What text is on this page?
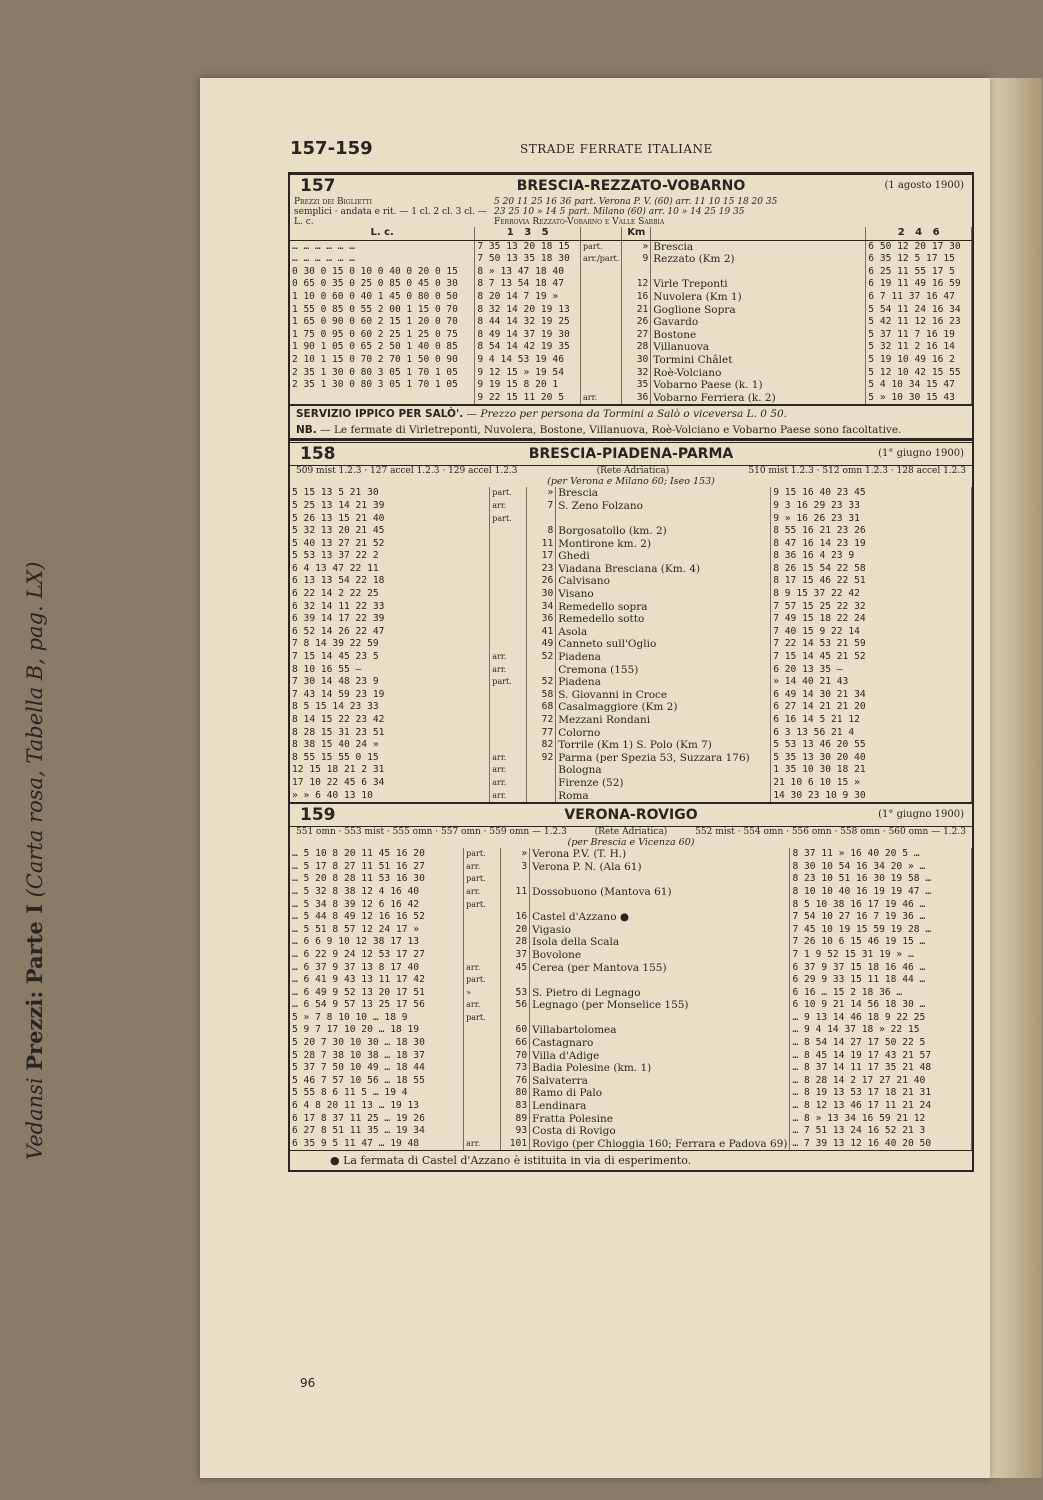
157-159	STRADE FERRATE ITALIANE
Vedansi Prezzi: Parte I (Carta rosa, Tabella B, pag. LX)
157	BRESCIA-REZZATO-VOBARNO	(1 agosto 1900)
Prezzi dei Biglietti
semplici · andata e rit. — 1 cl. 2 cl. 3 cl. — L. c.
5 20 11 25 16 36 part. Verona P. V. (60) arr. 11 10 15 18 20 35
23 25 10 » 14 5 part. Milano (60) arr. 10 » 14 25 19 35
Ferrovia Rezzato-Vobarno e Valle Sabbia
L. c.	1 3 5		Km		2 4 6
… … … … … …	7 35 13 20 18 15	part.	»	Brescia	6 50 12 20 17 30
… … … … … …	7 50 13 35 18 30	arr./part.	9	Rezzato (Km 2)	6 35 12 5 17 15
0 30 0 15 0 10 0 40 0 20 0 15	8 » 13 47 18 40				6 25 11 55 17 5
0 65 0 35 0 25 0 85 0 45 0 30	8 7 13 54 18 47		12	Virle Treponti	6 19 11 49 16 59
1 10 0 60 0 40 1 45 0 80 0 50	8 20 14 7 19 »		16	Nuvolera (Km 1)	6 7 11 37 16 47
1 55 0 85 0 55 2 00 1 15 0 70	8 32 14 20 19 13		21	Goglione Sopra	5 54 11 24 16 34
1 65 0 90 0 60 2 15 1 20 0 70	8 44 14 32 19 25		26	Gavardo	5 42 11 12 16 23
1 75 0 95 0 60 2 25 1 25 0 75	8 49 14 37 19 30		27	Bostone	5 37 11 7 16 19
1 90 1 05 0 65 2 50 1 40 0 85	8 54 14 42 19 35		28	Villanuova	5 32 11 2 16 14
2 10 1 15 0 70 2 70 1 50 0 90	9 4 14 53 19 46		30	Tormini Châlet	5 19 10 49 16 2
2 35 1 30 0 80 3 05 1 70 1 05	9 12 15 » 19 54		32	Roè-Volciano	5 12 10 42 15 55
2 35 1 30 0 80 3 05 1 70 1 05	9 19 15 8 20 1		35	Vobarno Paese (k. 1)	5 4 10 34 15 47
	9 22 15 11 20 5	arr.	36	Vobarno Ferriera (k. 2)	5 » 10 30 15 43
SERVIZIO IPPICO PER SALÒ'. — Prezzo per persona da Tormini a Salò o viceversa L. 0 50.
NB. — Le fermate di Virletreponti, Nuvolera, Bostone, Villanuova, Roè-Volciano e Vobarno Paese sono facoltative.
158	BRESCIA-PIADENA-PARMA	(1° giugno 1900)
509 mist 1.2.3 · 127 accel 1.2.3 · 129 accel 1.2.3	(Rete Adriatica)	510 mist 1.2.3 · 512 omn 1.2.3 · 128 accel 1.2.3
(per Verona e Milano 60; Iseo 153)
5 15 13 5 21 30	part.	»	Brescia	9 15 16 40 23 45
5 25 13 14 21 39	arr.	7	S. Zeno Folzano	9 3 16 29 23 33
5 26 13 15 21 40	part.			9 » 16 26 23 31
5 32 13 20 21 45		8	Borgosatollo (km. 2)	8 55 16 21 23 26
5 40 13 27 21 52		11	Montirone km. 2)	8 47 16 14 23 19
5 53 13 37 22 2		17	Ghedi	8 36 16 4 23 9
6 4 13 47 22 11		23	Viadana Bresciana (Km. 4)	8 26 15 54 22 58
6 13 13 54 22 18		26	Calvisano	8 17 15 46 22 51
6 22 14 2 22 25		30	Visano	8 9 15 37 22 42
6 32 14 11 22 33		34	Remedello sopra	7 57 15 25 22 32
6 39 14 17 22 39		36	Remedello sotto	7 49 15 18 22 24
6 52 14 26 22 47		41	Asola	7 40 15 9 22 14
7 8 14 39 22 59		49	Canneto sull'Oglio	7 22 14 53 21 59
7 15 14 45 23 5	arr.	52	Piadena	7 15 14 45 21 52
8 10 16 55 —	arr.		Cremona (155)	6 20 13 35 —
7 30 14 48 23 9	part.	52	Piadena	» 14 40 21 43
7 43 14 59 23 19		58	S. Giovanni in Croce	6 49 14 30 21 34
8 5 15 14 23 33		68	Casalmaggiore (Km 2)	6 27 14 21 21 20
8 14 15 22 23 42		72	Mezzani Rondani	6 16 14 5 21 12
8 28 15 31 23 51		77	Colorno	6 3 13 56 21 4
8 38 15 40 24 »		82	Torrile (Km 1) S. Polo (Km 7)	5 53 13 46 20 55
8 55 15 55 0 15	arr.	92	Parma (per Spezia 53, Suzzara 176)	5 35 13 30 20 40
12 15 18 21 2 31	arr.		Bologna	1 35 10 30 18 21
17 10 22 45 6 34	arr.		Firenze (52)	21 10 6 10 15 »
» » 6 40 13 10	arr.		Roma	14 30 23 10 9 30
159	VERONA-ROVIGO	(1° giugno 1900)
551 omn · 553 mist · 555 omn · 557 omn · 559 omn — 1.2.3	(Rete Adriatica)	552 mist · 554 omn · 556 omn · 558 omn · 560 omn — 1.2.3
(per Brescia e Vicenza 60)
… 5 10 8 20 11 45 16 20	part.	»	Verona P.V. (T. H.)	8 37 11 » 16 40 20 5 …
… 5 17 8 27 11 51 16 27	arr.	3	Verona P. N. (Ala 61)	8 30 10 54 16 34 20 » …
… 5 20 8 28 11 53 16 30	part.			8 23 10 51 16 30 19 58 …
… 5 32 8 38 12 4 16 40	arr.	11	Dossobuono (Mantova 61)	8 10 10 40 16 19 19 47 …
… 5 34 8 39 12 6 16 42	part.			8 5 10 38 16 17 19 46 …
… 5 44 8 49 12 16 16 52		16	Castel d'Azzano ●	7 54 10 27 16 7 19 36 …
… 5 51 8 57 12 24 17 »		20	Vigasio	7 45 10 19 15 59 19 28 …
… 6 6 9 10 12 38 17 13		28	Isola della Scala	7 26 10 6 15 46 19 15 …
… 6 22 9 24 12 53 17 27		37	Bovolone	7 1 9 52 15 31 19 » …
… 6 37 9 37 13 8 17 40	arr.	45	Cerea (per Mantova 155)	6 37 9 37 15 18 16 46 …
… 6 41 9 43 13 11 17 42	part.			6 29 9 33 15 11 18 44 …
… 6 49 9 52 13 20 17 51	»	53	S. Pietro di Legnago	6 16 … 15 2 18 36 …
… 6 54 9 57 13 25 17 56	arr.	56	Legnago (per Monselice 155)	6 10 9 21 14 56 18 30 …
5 » 7 8 10 10 … 18 9	part.			… 9 13 14 46 18 9 22 25
5 9 7 17 10 20 … 18 19		60	Villabartolomea	… 9 4 14 37 18 » 22 15
5 20 7 30 10 30 … 18 30		66	Castagnaro	… 8 54 14 27 17 50 22 5
5 28 7 38 10 38 … 18 37		70	Villa d'Adige	… 8 45 14 19 17 43 21 57
5 37 7 50 10 49 … 18 44		73	Badia Polesine (km. 1)	… 8 37 14 11 17 35 21 48
5 46 7 57 10 56 … 18 55		76	Salvaterra	… 8 28 14 2 17 27 21 40
5 55 8 6 11 5 … 19 4		80	Ramo di Palo	… 8 19 13 53 17 18 21 31
6 4 8 20 11 13 … 19 13		83	Lendinara	… 8 12 13 46 17 11 21 24
6 17 8 37 11 25 … 19 26		89	Fratta Polesine	… 8 » 13 34 16 59 21 12
6 27 8 51 11 35 … 19 34		93	Costa di Rovigo	… 7 51 13 24 16 52 21 3
6 35 9 5 11 47 … 19 48	arr.	101	Rovigo (per Chioggia 160; Ferrara e Padova 69)	… 7 39 13 12 16 40 20 50
● La fermata di Castel d'Azzano è istituita in via di esperimento.
96
